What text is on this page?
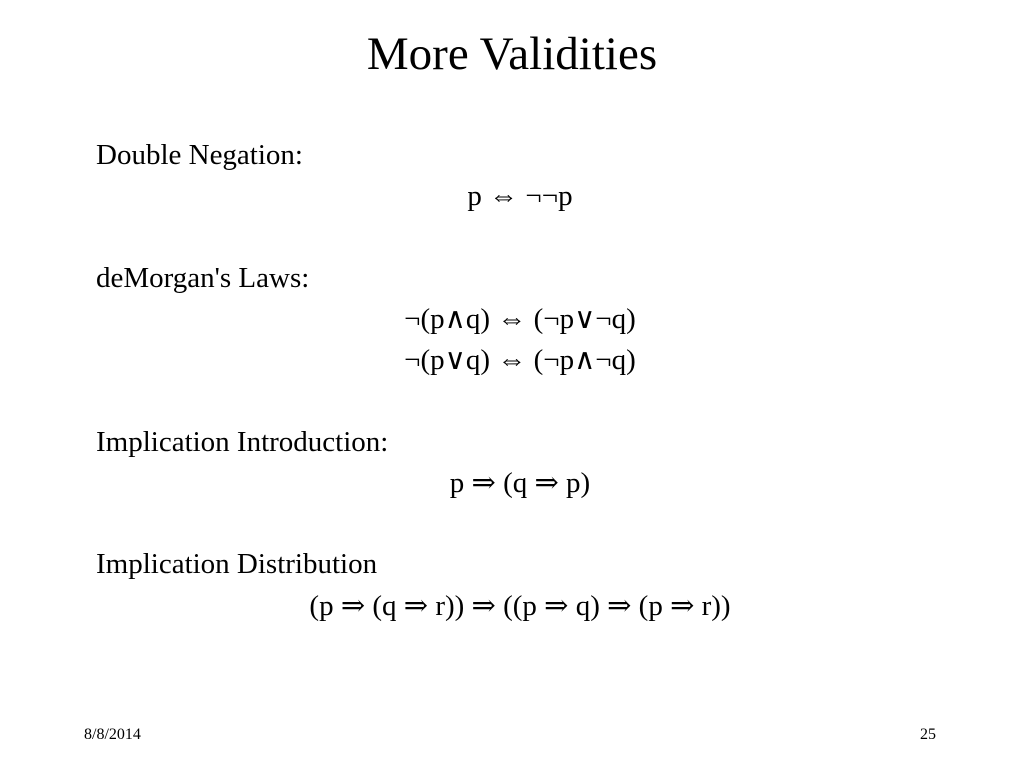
More Validities
Double Negation:
p ⇔ ¬¬p
deMorgan's Laws:
¬(p∧q) ⇔ (¬p∨¬q)
¬(p∨q) ⇔ (¬p∧¬q)
Implication Introduction:
p ⇒ (q ⇒ p)
Implication Distribution
(p ⇒ (q ⇒ r)) ⇒ ((p ⇒ q) ⇒ (p ⇒ r))
8/8/2014	25
